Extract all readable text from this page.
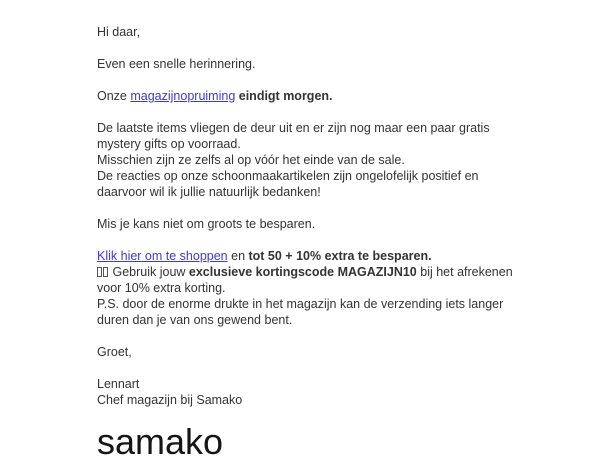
Hi daar,
Even een snelle herinnering.
Onze magazijnopruiming eindigt morgen.
De laatste items vliegen de deur uit en er zijn nog maar een paar gratis
mystery gifts op voorraad.
Misschien zijn ze zelfs al op vóór het einde van de sale.
De reacties op onze schoonmaakartikelen zijn ongelofelijk positief en
daarvoor wil ik jullie natuurlijk bedanken!
Mis je kans niet om groots te besparen.
Klik hier om te shoppen en tot 50 + 10% extra te besparen.
Gebruik jouw exclusieve kortingscode MAGAZIJN10 bij het afrekenen
voor 10% extra korting.
P.S. door de enorme drukte in het magazijn kan de verzending iets langer
duren dan je van ons gewend bent.
Groet,
Lennart
Chef magazijn bij Samako
samako
